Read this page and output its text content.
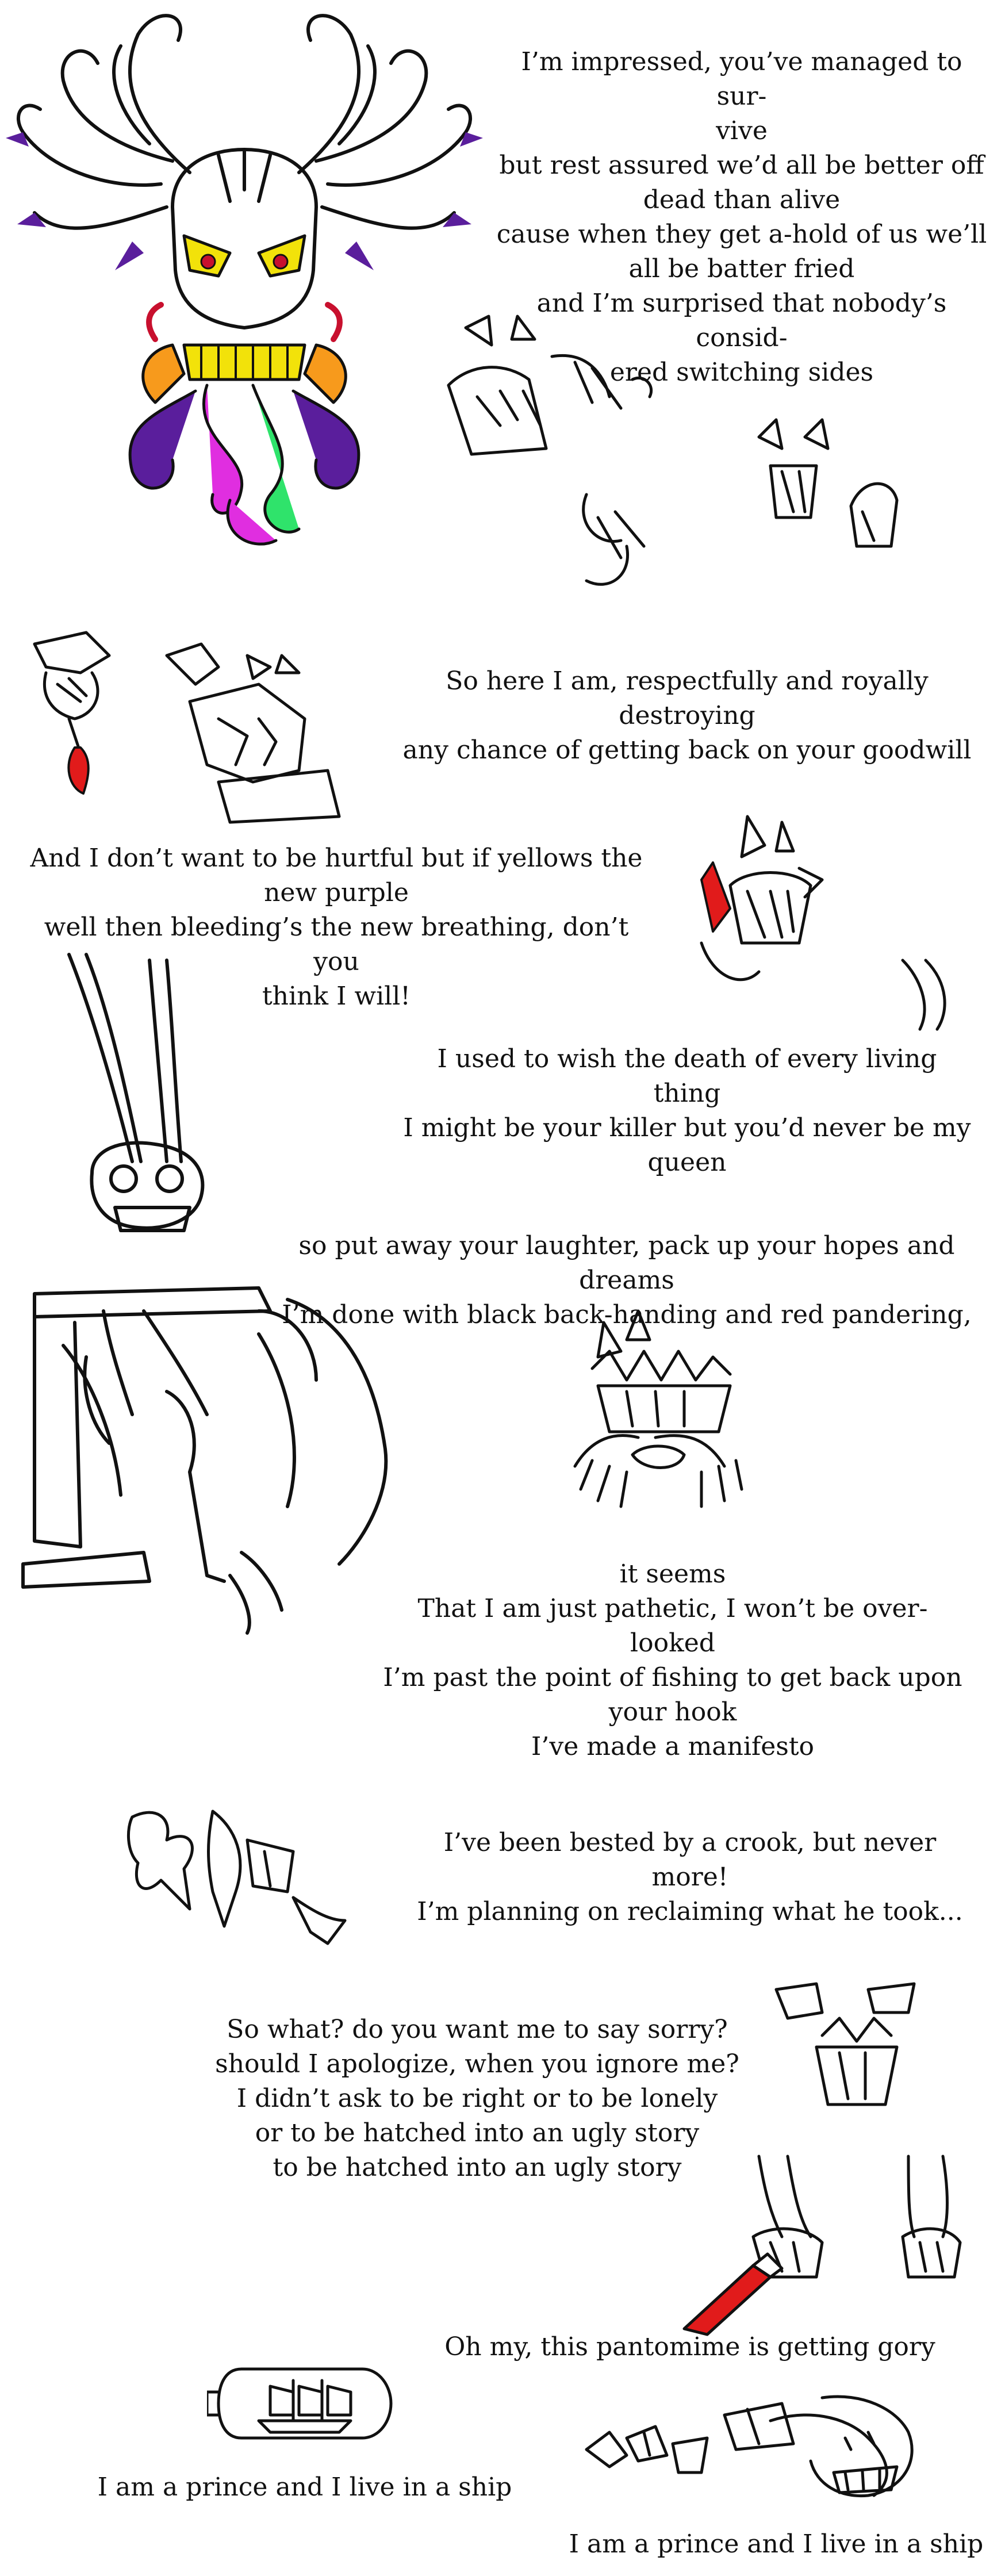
I’m impressed, you’ve managed to sur-
vive
but rest assured we’d all be better off
dead than alive
cause when they get a-hold of us we’ll
all be batter fried
and I’m surprised that nobody’s consid-
ered switching sides
So here I am, respectfully and royally destroying
any chance of getting back on your goodwill
And I don’t want to be hurtful but if yellows the
new purple
well then bleeding’s the new breathing, don’t you
think I will!
I used to wish the death of every living
thing
I might be your killer but you’d never be my
queen
so put away your laughter, pack up your hopes and dreams
I’m done with black back-handing and red pandering,
it seems
That I am just pathetic, I won’t be over-
looked
I’m past the point of fishing to get back upon
your hook
I’ve made a manifesto
I’ve been bested by a crook, but never more!
I’m planning on reclaiming what he took...
So what? do you want me to say sorry?
should I apologize, when you ignore me?
I didn’t ask to be right or to be lonely
or to be hatched into an ugly story
to be hatched into an ugly story
Oh my, this pantomime is getting gory
I am a prince and I live in a ship
I am a prince and I live in a ship
